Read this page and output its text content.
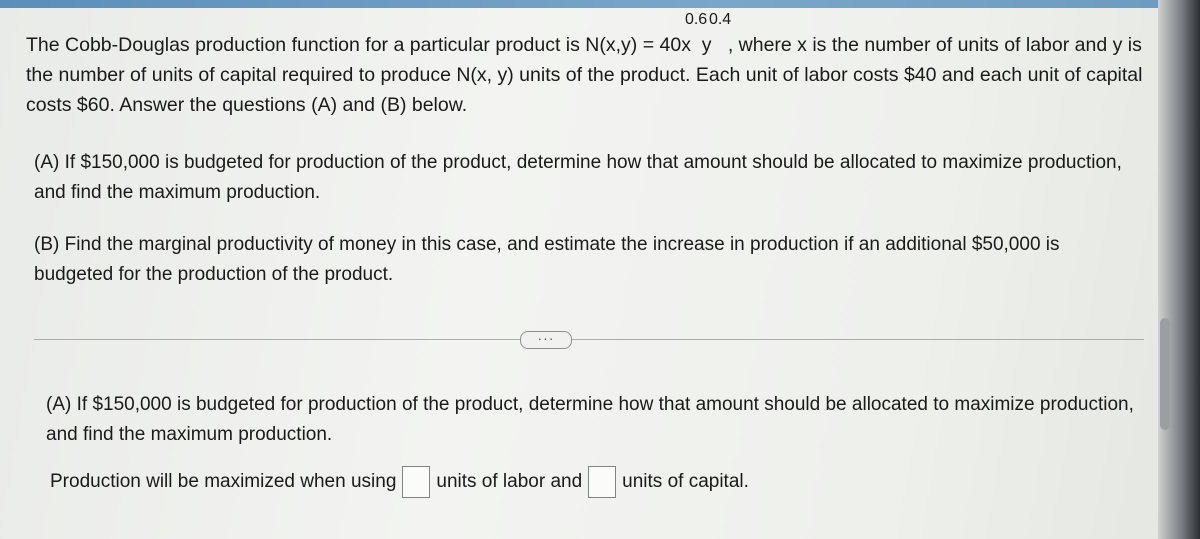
The Cobb-Douglas production function for a particular product is N(x,y) = 40x
0.6
y
0.4
, where x is the number of units of labor and y is the number of units of capital required to produce N(x, y) units of the product. Each unit of labor costs $40 and each unit of capital costs $60. Answer the questions (A) and (B) below.
(A) If $150,000 is budgeted for production of the product, determine how that amount should be allocated to maximize production, and find the maximum production.
(B) Find the marginal productivity of money in this case, and estimate the increase in production if an additional $50,000 is budgeted for the production of the product.
···
(A) If $150,000 is budgeted for production of the product, determine how that amount should be allocated to maximize production, and find the maximum production.
Production will be maximized when using units of labor and units of capital.
